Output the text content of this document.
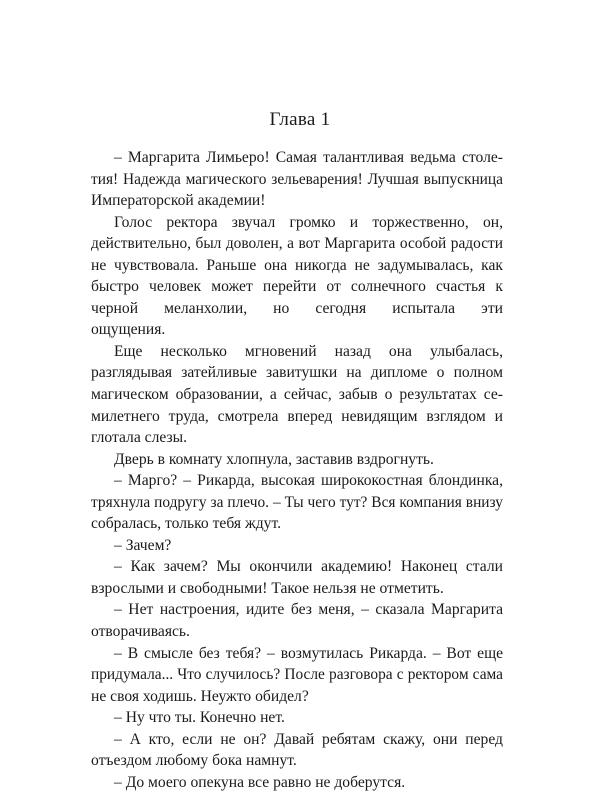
Глава 1
– Маргарита Лимьеро! Самая талантливая ведьма столе-
тия! Надежда магического зельеварения! Лучшая выпускница
Императорской академии!
Голос ректора звучал громко и торжественно, он,
действительно, был доволен, а вот Маргарита особой радости
не чувствовала. Раньше она никогда не задумывалась, как
быстро человек может перейти от солнечного счастья к
черной меланхолии, но сегодня испытала эти
ощущения.
Еще несколько мгновений назад она улыбалась,
разглядывая затейливые завитушки на дипломе о полном
магическом образовании, а сейчас, забыв о результатах се-
милетнего труда, смотрела вперед невидящим взглядом и
глотала слезы.
Дверь в комнату хлопнула, заставив вздрогнуть.
– Марго? – Рикарда, высокая ширококостная блондинка,
тряхнула подругу за плечо. – Ты чего тут? Вся компания внизу
собралась, только тебя ждут.
– Зачем?
– Как зачем? Мы окончили академию! Наконец стали
взрослыми и свободными! Такое нельзя не отметить.
– Нет настроения, идите без меня, – сказала Маргарита
отворачиваясь.
– В смысле без тебя? – возмутилась Рикарда. – Вот еще
придумала... Что случилось? После разговора с ректором сама
не своя ходишь. Неужто обидел?
– Ну что ты. Конечно нет.
– А кто, если не он? Давай ребятам скажу, они перед
отъездом любому бока намнут.
– До моего опекуна все равно не доберутся.
